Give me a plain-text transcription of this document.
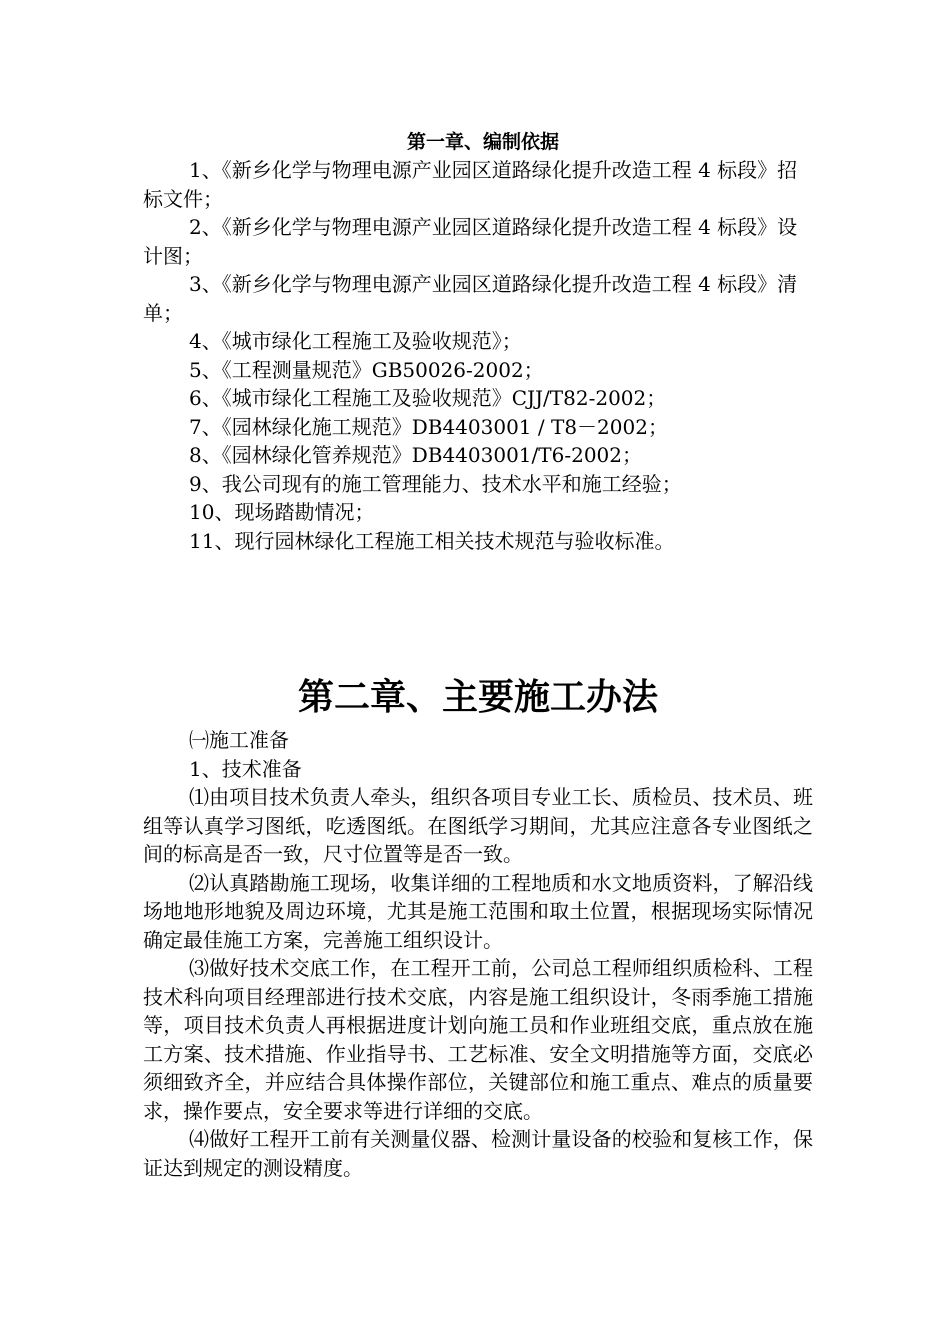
第一章、编制依据

1、《新乡化学与物理电源产业园区道路绿化提升改造工程 4 标段》招标文件；

2、《新乡化学与物理电源产业园区道路绿化提升改造工程 4 标段》设计图；

3、《新乡化学与物理电源产业园区道路绿化提升改造工程 4 标段》清单；

4、《城市绿化工程施工及验收规范》；

5、《工程测量规范》GB50026-2002；

6、《城市绿化工程施工及验收规范》CJJ/T82-2002；

7、《园林绿化施工规范》DB4403001 / T8－2002；

8、《园林绿化管养规范》DB4403001/T6-2002；

9、我公司现有的施工管理能力、技术水平和施工经验；

10、现场踏勘情况；

11、现行园林绿化工程施工相关技术规范与验收标准。

第二章、主要施工办法

㈠施工准备

1、技术准备

⑴由项目技术负责人牵头，组织各项目专业工长、质检员、技术员、班组等认真学习图纸，吃透图纸。在图纸学习期间，尤其应注意各专业图纸之间的标高是否一致，尺寸位置等是否一致。

⑵认真踏勘施工现场，收集详细的工程地质和水文地质资料，了解沿线场地地形地貌及周边环境，尤其是施工范围和取土位置，根据现场实际情况确定最佳施工方案，完善施工组织设计。

⑶做好技术交底工作，在工程开工前，公司总工程师组织质检科、工程技术科向项目经理部进行技术交底，内容是施工组织设计，冬雨季施工措施等，项目技术负责人再根据进度计划向施工员和作业班组交底，重点放在施工方案、技术措施、作业指导书、工艺标准、安全文明措施等方面，交底必须细致齐全，并应结合具体操作部位，关键部位和施工重点、难点的质量要求，操作要点，安全要求等进行详细的交底。

⑷做好工程开工前有关测量仪器、检测计量设备的校验和复核工作，保证达到规定的测设精度。
